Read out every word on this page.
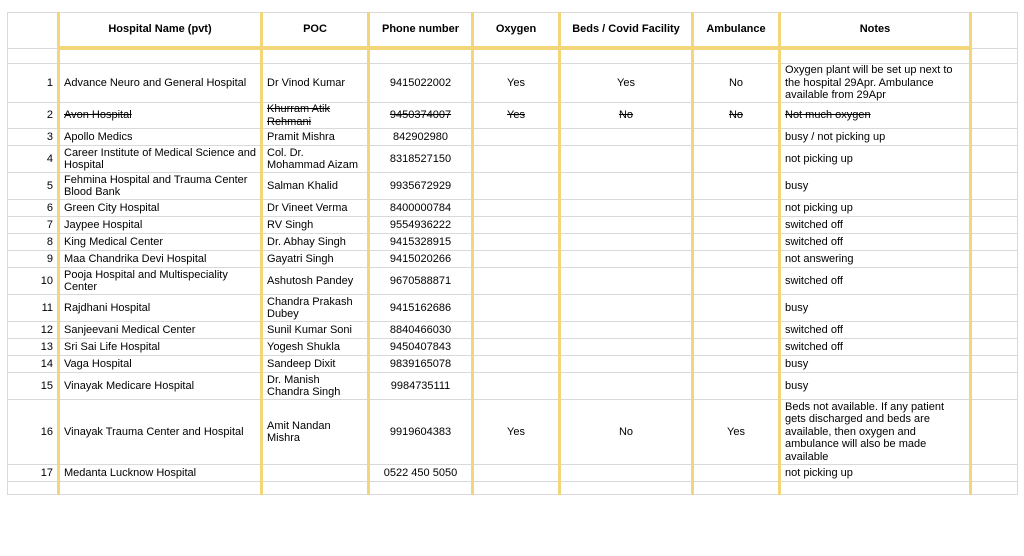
	Hospital Name (pvt)	POC	Phone number	Oxygen	Beds / Covid Facility	Ambulance	Notes	

1	Advance Neuro and General Hospital	Dr Vinod Kumar	9415022002	Yes	Yes	No	Oxygen plant will be set up next to the hospital 29Apr. Ambulance available from 29Apr	
2	Avon Hospital	Khurram Atik Rehmani	9450374007	Yes	No	No	Not much oxygen	
3	Apollo Medics	Pramit Mishra	842902980				busy / not picking up	
4	Career Institute of Medical Science and Hospital	Col. Dr. Mohammad Aizam	8318527150				not picking up	
5	Fehmina Hospital and Trauma Center Blood Bank	Salman Khalid	9935672929				busy	
6	Green City Hospital	Dr Vineet Verma	8400000784				not picking up	
7	Jaypee Hospital	RV Singh	9554936222				switched off	
8	King Medical Center	Dr. Abhay Singh	9415328915				switched off	
9	Maa Chandrika Devi Hospital	Gayatri Singh	9415020266				not answering	
10	Pooja Hospital and Multispeciality Center	Ashutosh Pandey	9670588871				switched off	
11	Rajdhani Hospital	Chandra Prakash Dubey	9415162686				busy	
12	Sanjeevani Medical Center	Sunil Kumar Soni	8840466030				switched off	
13	Sri Sai Life Hospital	Yogesh Shukla	9450407843				switched off	
14	Vaga Hospital	Sandeep Dixit	9839165078				busy	
15	Vinayak Medicare Hospital	Dr. Manish Chandra Singh	9984735111				busy	
16	Vinayak Trauma Center and Hospital	Amit Nandan Mishra	9919604383	Yes	No	Yes	Beds not available. If any patient gets discharged and beds are available, then oxygen and ambulance will also be made available	
17	Medanta Lucknow Hospital		0522 450 5050				not picking up	
